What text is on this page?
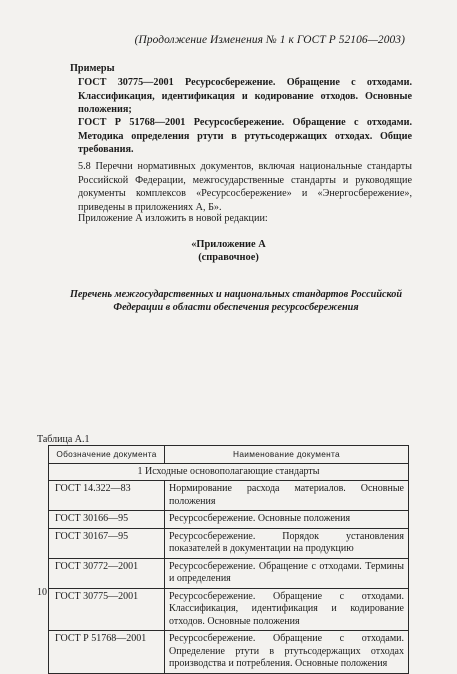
(Продолжение Изменения № 1 к ГОСТ Р 52106—2003)
Примеры
ГОСТ 30775—2001 Ресурсосбережение. Обращение с отходами. Классификация, идентификация и кодирование отходов. Основные положения;
ГОСТ Р 51768—2001 Ресурсосбережение. Обращение с отходами. Методика определения ртути в ртутьсодержащих отходах. Общие требования.
5.8 Перечни нормативных документов, включая национальные стандарты Российской Федерации, межгосударственные стандарты и руководящие документы комплексов «Ресурсосбережение» и «Энергосбережение», приведены в приложениях А, Б».
Приложение А изложить в новой редакции:
«Приложение А
(справочное)
Перечень межгосударственных и национальных стандартов Российской Федерации в области обеспечения ресурсосбережения
Таблица А.1
Обозначение документа	Наименование документа
1 Исходные основополагающие стандарты	
ГОСТ 14.322—83	Нормирование расхода материалов. Основные положения
ГОСТ 30166—95	Ресурсосбережение. Основные положения
ГОСТ 30167—95	Ресурсосбережение. Порядок установления показателей в документации на продукцию
ГОСТ 30772—2001	Ресурсосбережение. Обращение с отходами. Термины и определения
ГОСТ 30775—2001	Ресурсосбережение. Обращение с отходами. Классификация, идентификация и кодирование отходов. Основные положения
ГОСТ Р 51768—2001	Ресурсосбережение. Обращение с отходами. Определение ртути в ртутьсодержащих отходах производства и потребления. Основные положения
10
